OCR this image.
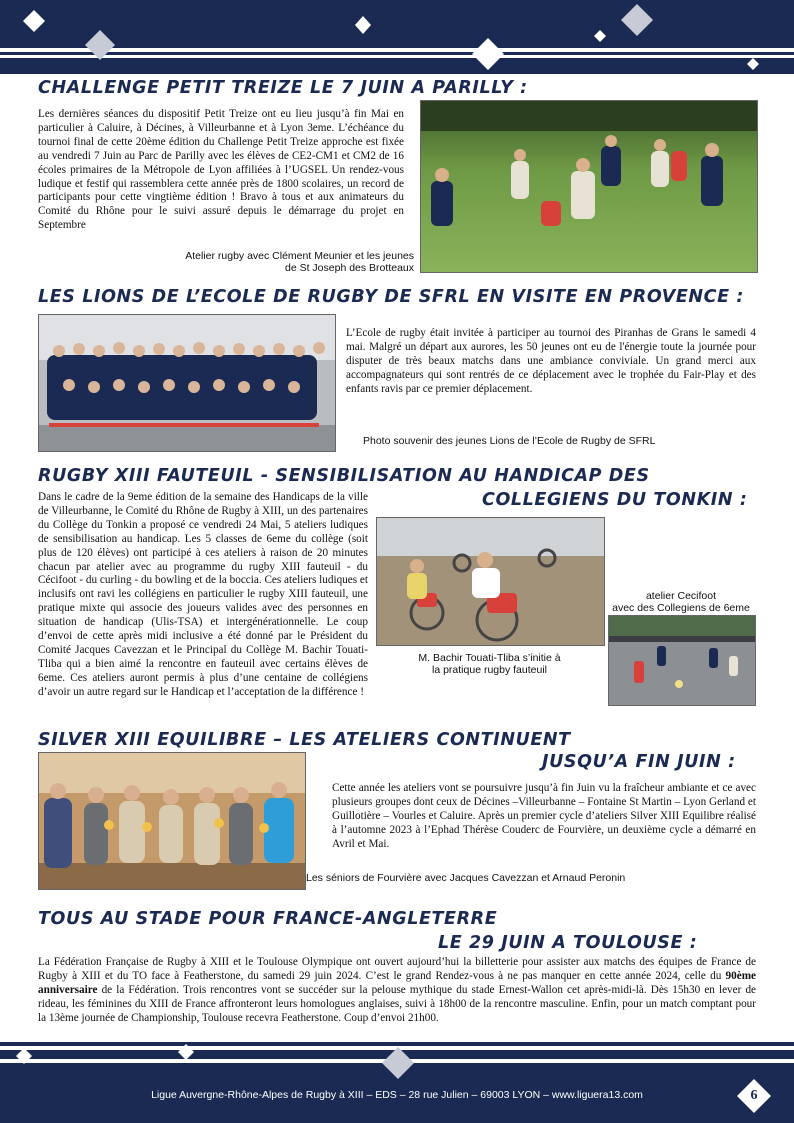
CHALLENGE PETIT TREIZE LE 7 JUIN A PARILLY :

Les dernières séances du dispositif Petit Treize ont eu lieu jusqu’à fin Mai en particulier à Caluire, à Décines, à Villeurbanne et à Lyon 3eme. L’échéance du tournoi final de cette 20ème édition du Challenge Petit Treize approche est fixée au vendredi 7 Juin au Parc de Parilly avec les élèves de CE2-CM1 et CM2 de 16 écoles primaires de la Métropole de Lyon affiliées à l’UGSEL Un rendez-vous ludique et festif qui rassemblera cette année près de 1800 scolaires, un record de participants pour cette vingtième édition ! Bravo à tous et aux animateurs du Comité du Rhône pour le suivi assuré depuis le démarrage du projet en Septembre

Atelier rugby avec Clément Meunier et les jeunes
de St Joseph des Brotteaux

LES LIONS DE L’ECOLE DE RUGBY DE SFRL EN VISITE EN PROVENCE :

L’Ecole de rugby était invitée à participer au tournoi des Piranhas de Grans le samedi 4 mai. Malgré un départ aux aurores, les 50 jeunes ont eu de l'énergie toute la journée pour disputer de très beaux matchs dans une ambiance conviviale. Un grand merci aux accompagnateurs qui sont rentrés de ce déplacement avec le trophée du Fair-Play et des enfants ravis par ce premier déplacement.

Photo souvenir des jeunes Lions de l’Ecole de Rugby de SFRL

RUGBY XIII FAUTEUIL - SENSIBILISATION AU HANDICAP DES
COLLEGIENS DU TONKIN :

Dans le cadre de la 9eme édition de la semaine des Handicaps de la ville de Villeurbanne, le Comité du Rhône de Rugby à XIII, un des partenaires du Collège du Tonkin a proposé ce vendredi 24 Mai, 5 ateliers ludiques de sensibilisation au handicap. Les 5 classes de 6eme du collège (soit plus de 120 élèves) ont participé à ces ateliers à raison de 20 minutes chacun par atelier avec au programme du rugby XIII fauteuil - du Cécifoot - du curling - du bowling et de la boccia. Ces ateliers ludiques et inclusifs ont ravi les collégiens en particulier le rugby XIII fauteuil, une pratique mixte qui associe des joueurs valides avec des personnes en situation de handicap (Ulis-TSA) et intergénérationnelle. Le coup d’envoi de cette après midi inclusive a été donné par le Président du Comité Jacques Cavezzan et le Principal du Collège M. Bachir Touati-Tliba qui a bien aimé la rencontre en fauteuil avec certains élèves de 6eme. Ces ateliers auront permis à plus d’une centaine de collégiens d’avoir un autre regard sur le Handicap et l’acceptation de la différence !

M. Bachir Touati-Tliba s’initie à
la pratique rugby fauteuil

atelier Cecifoot
avec des Collegiens de 6eme

SILVER XIII EQUILIBRE – LES ATELIERS CONTINUENT
JUSQU’A FIN JUIN :

Cette année les ateliers vont se poursuivre jusqu’à fin Juin vu la fraîcheur ambiante et ce avec plusieurs groupes dont ceux de Décines –Villeurbanne – Fontaine St Martin – Lyon Gerland et Guillotière – Vourles et Caluire. Après un premier cycle d’ateliers Silver XIII Equilibre réalisé à l’automne 2023 à l’Ephad Thérèse Couderc de Fourvière, un deuxième cycle a démarré en Avril et Mai.

Les séniors de Fourvière avec Jacques Cavezzan et Arnaud Peronin

TOUS AU STADE POUR FRANCE-ANGLETERRE
LE 29 JUIN A TOULOUSE :

La Fédération Française de Rugby à XIII et le Toulouse Olympique ont ouvert aujourd’hui la billetterie pour assister aux matchs des équipes de France de Rugby à XIII et du TO face à Featherstone, du samedi 29 juin 2024. C’est le grand Rendez-vous à ne pas manquer en cette année 2024, celle du 90ème anniversaire de la Fédération. Trois rencontres vont se succéder sur la pelouse mythique du stade Ernest-Wallon cet après-midi-là. Dès 15h30 en lever de rideau, les féminines du XIII de France affronteront leurs homologues anglaises, suivi à 18h00 de la rencontre masculine. Enfin, pour un match comptant pour la 13ème journée de Championship, Toulouse recevra Featherstone. Coup d’envoi 21h00.

Ligue Auvergne-Rhône-Alpes de Rugby à XIII – EDS – 28 rue Julien – 69003 LYON – www.liguera13.com	6
